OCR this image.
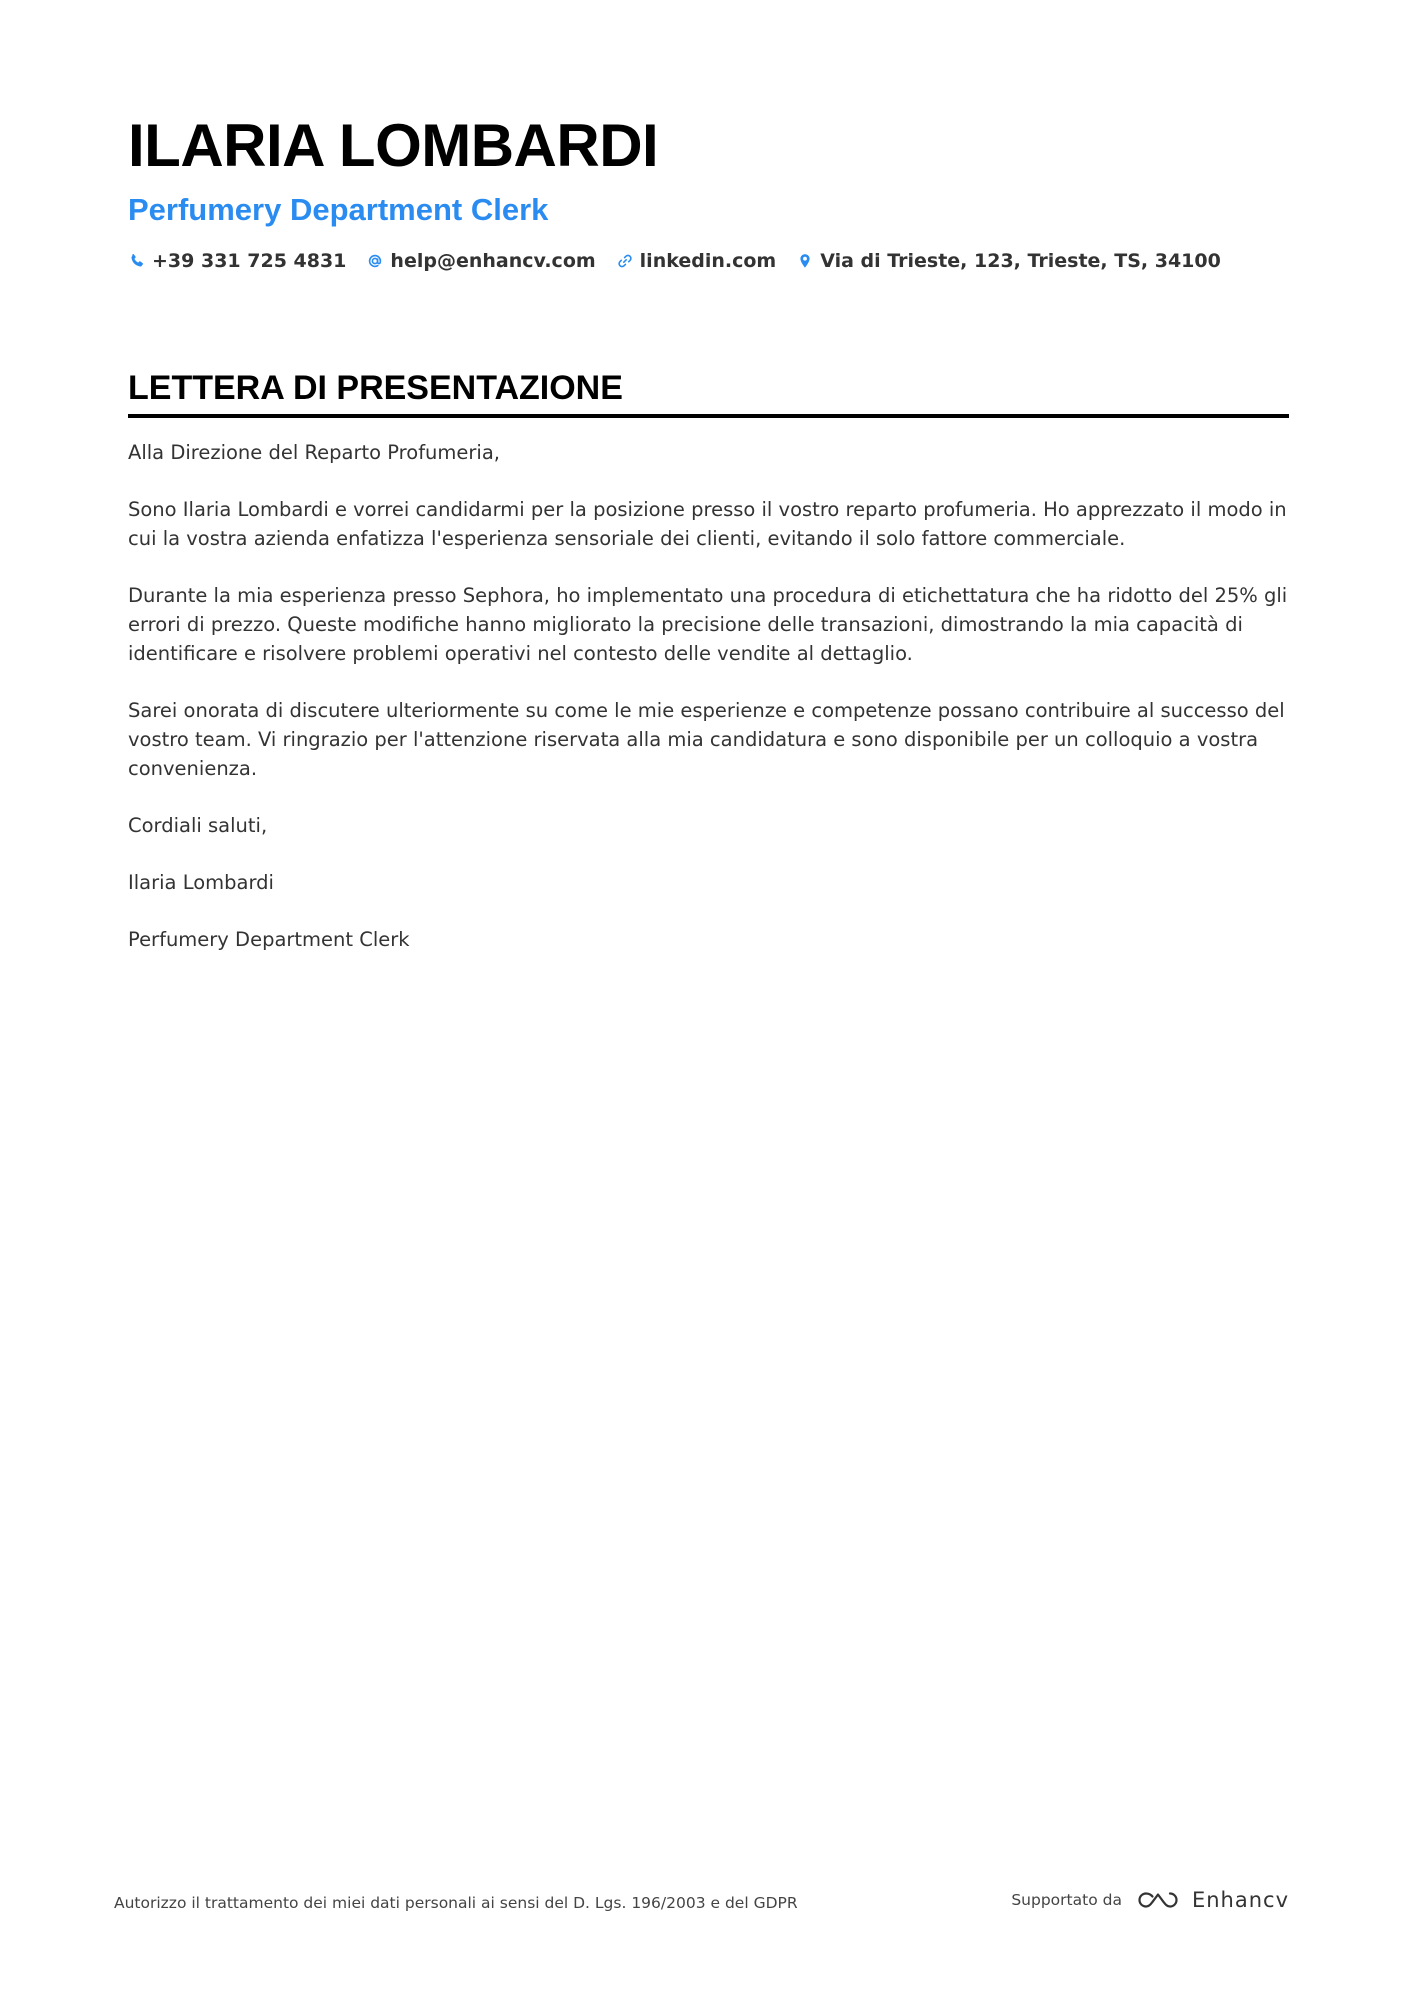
ILARIA LOMBARDI
Perfumery Department Clerk
+39 331 725 4831 help@enhancv.com linkedin.com Via di Trieste, 123, Trieste, TS, 34100
LETTERA DI PRESENTAZIONE

Alla Direzione del Reparto Profumeria,

Sono Ilaria Lombardi e vorrei candidarmi per la posizione presso il vostro reparto profumeria. Ho apprezzato il modo in cui la vostra azienda enfatizza l'esperienza sensoriale dei clienti, evitando il solo fattore commerciale.

Durante la mia esperienza presso Sephora, ho implementato una procedura di etichettatura che ha ridotto del 25% gli errori di prezzo. Queste modifiche hanno migliorato la precisione delle transazioni, dimostrando la mia capacità di identificare e risolvere problemi operativi nel contesto delle vendite al dettaglio.

Sarei onorata di discutere ulteriormente su come le mie esperienze e competenze possano contribuire al successo del vostro team. Vi ringrazio per l'attenzione riservata alla mia candidatura e sono disponibile per un colloquio a vostra convenienza.

Cordiali saluti,

Ilaria Lombardi

Perfumery Department Clerk

Autorizzo il trattamento dei miei dati personali ai sensi del D. Lgs. 196/2003 e del GDPR	Supportato da	Enhancv
